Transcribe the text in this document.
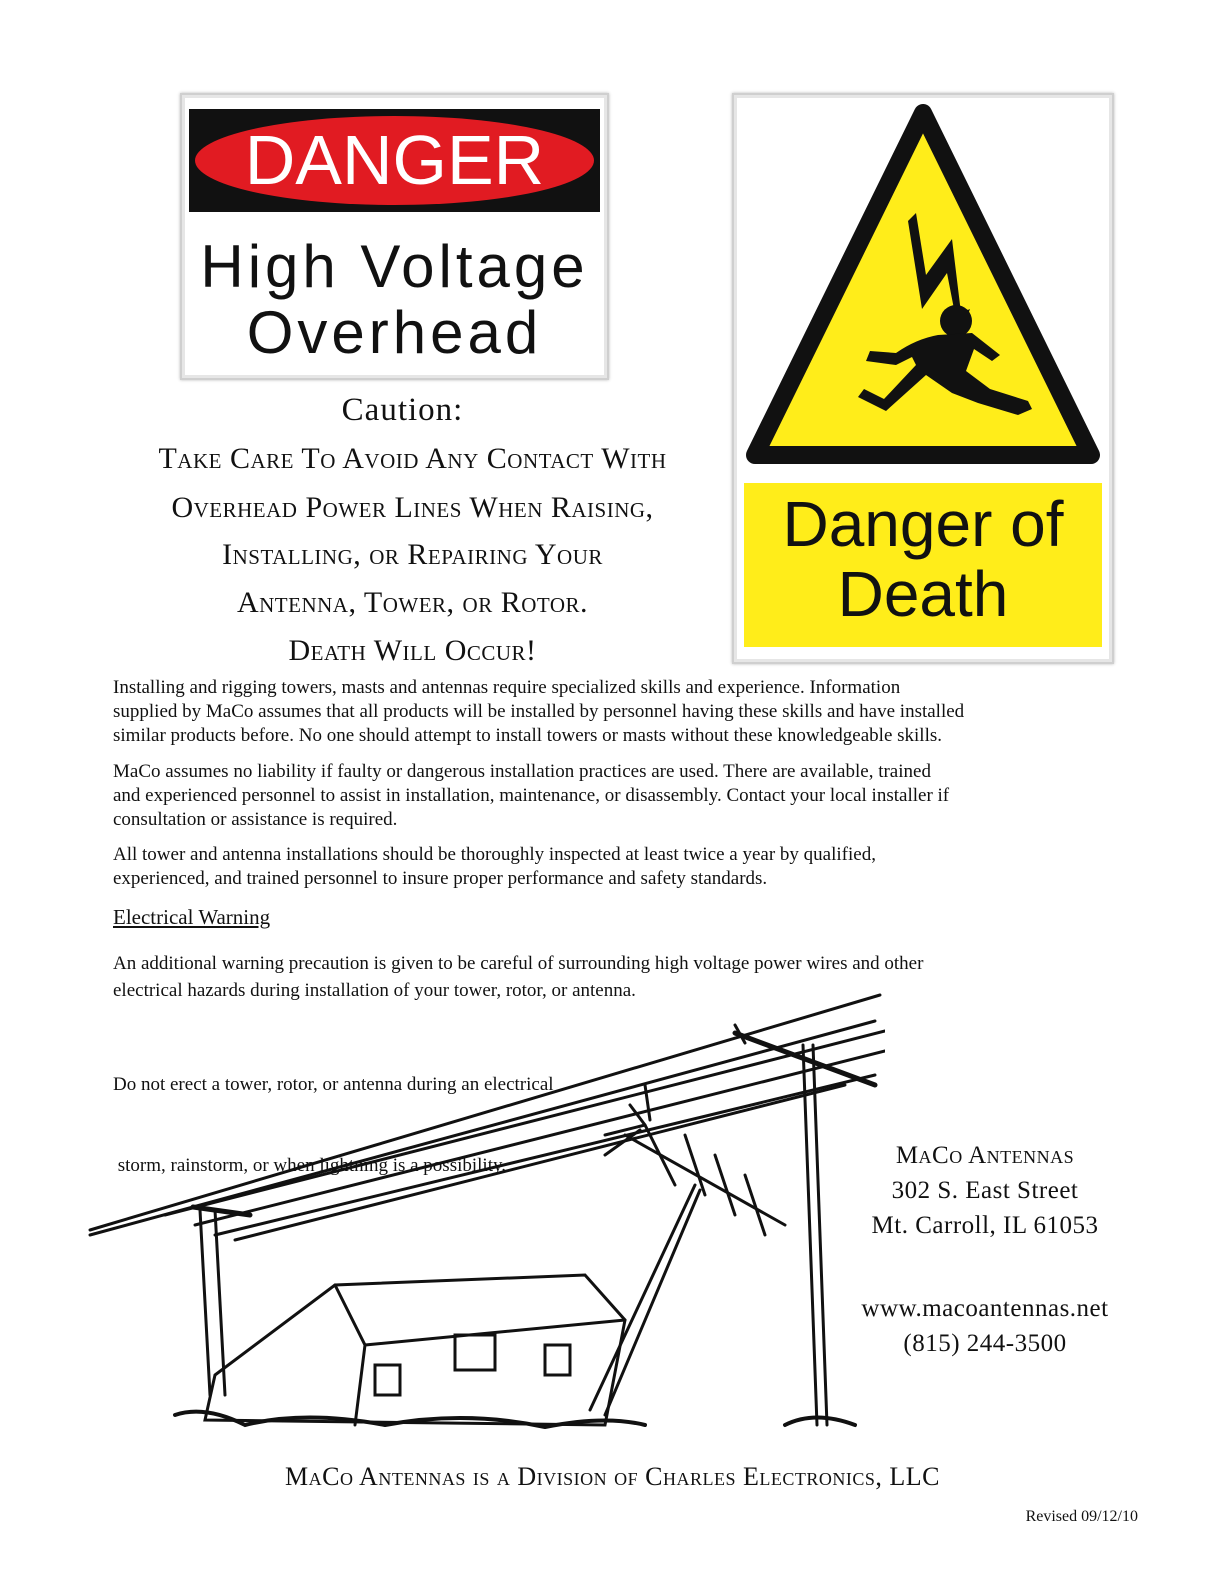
DANGER
High Voltage
Overhead
Danger of
Death
Caution:
Take Care To Avoid Any Contact With
Overhead Power Lines When Raising,
Installing, or Repairing Your
Antenna, Tower, or Rotor.
Death Will Occur!
Installing and rigging towers, masts and antennas require specialized skills and experience. Information
supplied by MaCo assumes that all products will be installed by personnel having these skills and have installed
similar products before. No one should attempt to install towers or masts without these knowledgeable skills.
MaCo assumes no liability if faulty or dangerous installation practices are used. There are available, trained
and experienced personnel to assist in installation, maintenance, or disassembly. Contact your local installer if
consultation or assistance is required.
All tower and antenna installations should be thoroughly inspected at least twice a year by qualified,
experienced, and trained personnel to insure proper performance and safety standards.
Electrical Warning
An additional warning precaution is given to be careful of surrounding high voltage power wires and other
electrical hazards during installation of your tower, rotor, or antenna.

Do not erect a tower, rotor, or antenna during an electrical

storm, rainstorm, or when lightning is a possibility.	MaCo Antennas
302 S. East Street
Mt. Carroll, IL 61053
www.macoantennas.net
(815) 244-3500
MaCo Antennas is a Division of Charles Electronics, LLC
Revised 09/12/10
